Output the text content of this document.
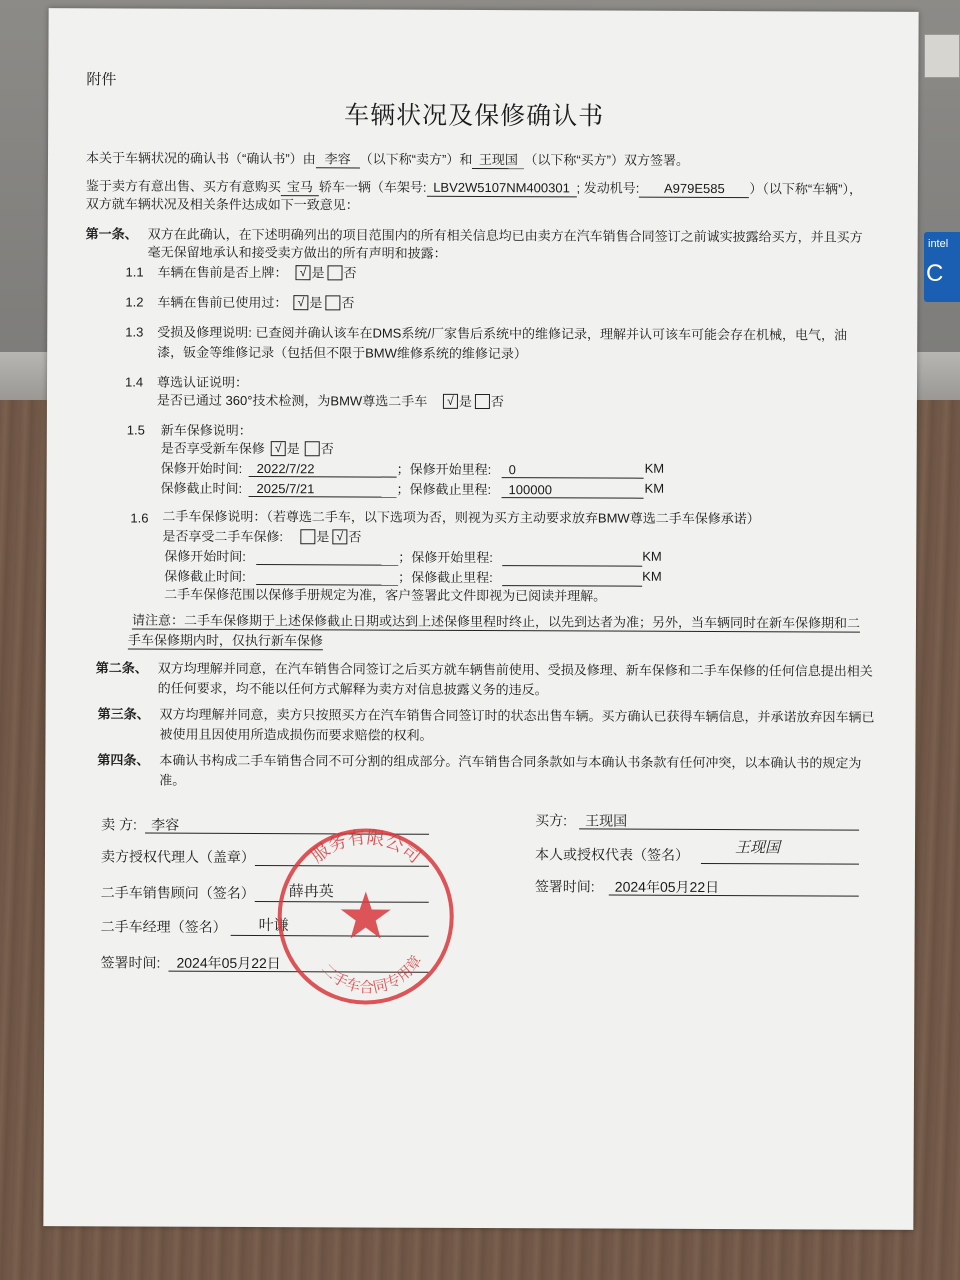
intel
C
附件
车辆状况及保修确认书
本关于车辆状况的确认书（“确认书”）由 李容 （以下称“卖方”）和 王现国 （以下称“买方”）双方签署。
鉴于卖方有意出售、买方有意购买 宝马 轿车一辆（车架号: LBV2W5107NM400301 ; 发动机号: A979E585 ）（以下称“车辆”），
双方就车辆状况及相关条件达成如下一致意见：
第一条、 双方在此确认，在下述明确列出的项目范围内的所有相关信息均已由卖方在汽车销售合同签订之前诚实披露给买方，并且买方
毫无保留地承认和接受卖方做出的所有声明和披露：
1.1 车辆在售前是否上牌：	√ 是 否
1.2 车辆在售前已使用过： √ 是 否
1.3 受损及修理说明: 已查阅并确认该车在DMS系统/厂家售后系统中的维修记录，理解并认可该车可能会存在机械，电气，油
漆，钣金等维修记录（包括但不限于BMW维修系统的维修记录）
1.4 尊选认证说明：
是否已通过 360°技术检测，为BMW尊选二手车	√ 是 否
1.5 新车保修说明：
是否享受新车保修 √ 是 否
保修开始时间: 2022/7/22	；保修开始里程: 0	KM
保修截止时间: 2025/7/21	；保修截止里程: 100000	KM
1.6 二手车保修说明：（若尊选二手车，以下选项为否，则视为买方主动要求放弃BMW尊选二手车保修承诺）
是否享受二手车保修:	是 √ 否
保修开始时间:	；保修开始里程:	KM
保修截止时间:	；保修截止里程:	KM
二手车保修范围以保修手册规定为准，客户签署此文件即视为已阅读并理解。
请注意：二手车保修期于上述保修截止日期或达到上述保修里程时终止，以先到达者为准；另外，当车辆同时在新车保修期和二
手车保修期内时，仅执行新车保修
第二条、 双方均理解并同意，在汽车销售合同签订之后买方就车辆售前使用、受损及修理、新车保修和二手车保修的任何信息提出相关
的任何要求，均不能以任何方式解释为卖方对信息披露义务的违反。
第三条、 双方均理解并同意，卖方只按照买方在汽车销售合同签订时的状态出售车辆。买方确认已获得车辆信息，并承诺放弃因车辆已
被使用且因使用所造成损伤而要求赔偿的权利。
第四条、 本确认书构成二手车销售合同不可分割的组成部分。汽车销售合同条款如与本确认书条款有任何冲突，以本确认书的规定为
准。
卖 方: 李容
卖方授权代理人（盖章）
二手车销售顾问（签名） 薛冉英
二手车经理（签名） 叶谦
签署时间: 2024年05月22日
买方: 王现国
本人或授权代表（签名）	王现国
签署时间: 2024年05月22日
服务有限公司
二手车合同专用章
